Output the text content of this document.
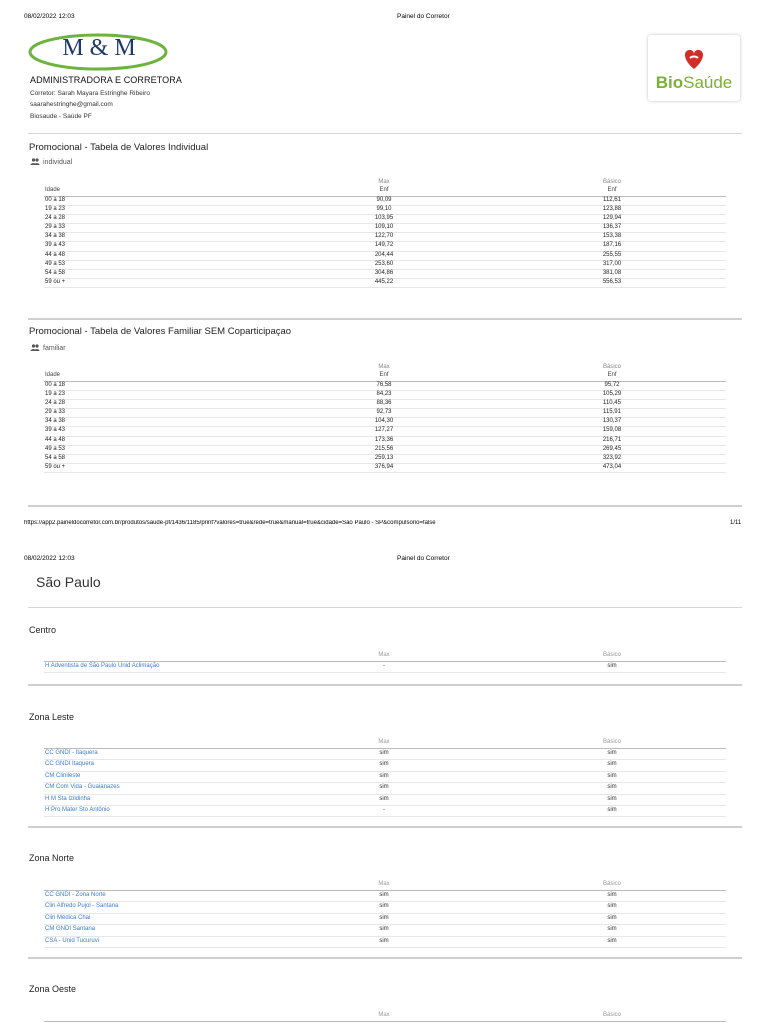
08/02/2022 12:03	Painel do Corretor
M & M
ADMINISTRADORA E CORRETORA
Corretor: Sarah Mayara Estringhe Ribeiro
saarahestringhe@gmail.com
Biosaude - Saúde PF
BioSaúde
Promocional - Tabela de Valores Individual
individual
Max	Básico
Idade	Enf	Enf
00 a 18	90,09	112,61
19 a 23	99,10	123,88
24 a 28	103,95	129,94
29 a 33	109,10	136,37
34 a 38	122,70	153,38
39 a 43	149,72	187,16
44 a 48	204,44	255,55
49 a 53	253,60	317,00
54 a 58	304,86	381,08
59 ou +	445,22	556,53
Promocional - Tabela de Valores Familiar SEM Coparticipaçao
familiar
Max	Básico
Idade	Enf	Enf
00 a 18	76,58	95,72
19 a 23	84,23	105,29
24 a 28	88,36	110,45
29 a 33	92,73	115,91
34 a 38	104,30	130,37
39 a 43	127,27	159,08
44 a 48	173,36	216,71
49 a 53	215,56	269,45
54 a 58	259,13	323,92
59 ou +	376,94	473,04
https://app2.paineldocorretor.com.br/produtos/saude-pf/1436/1185/print?valores=true&rede=true&manual=true&cidade=São Paulo - SP&compulsorio=false	1/11
08/02/2022 12:03	Painel do Corretor
São Paulo
Centro
Max	Básico
H Adventista de São Paulo Unid Aclimação	-	sim
Zona Leste
Max	Básico
CC GNDI - Itaquera	sim	sim
CC GNDI Itaquera	sim	sim
CM Clinileste	sim	sim
CM Com Vida - Guaianazes	sim	sim
H M Sta Izildinha	sim	sim
H Pro Mater Sto Antônio	-	sim
Zona Norte
Max	Básico
CC GNDI - Zona Norte	sim	sim
Clin Alfredo Pujol - Santana	sim	sim
Clin Médica Chai	sim	sim
CM GNDI Santana	sim	sim
CSA - Unid Tucuruvi	sim	sim
Zona Oeste
Max	Básico
